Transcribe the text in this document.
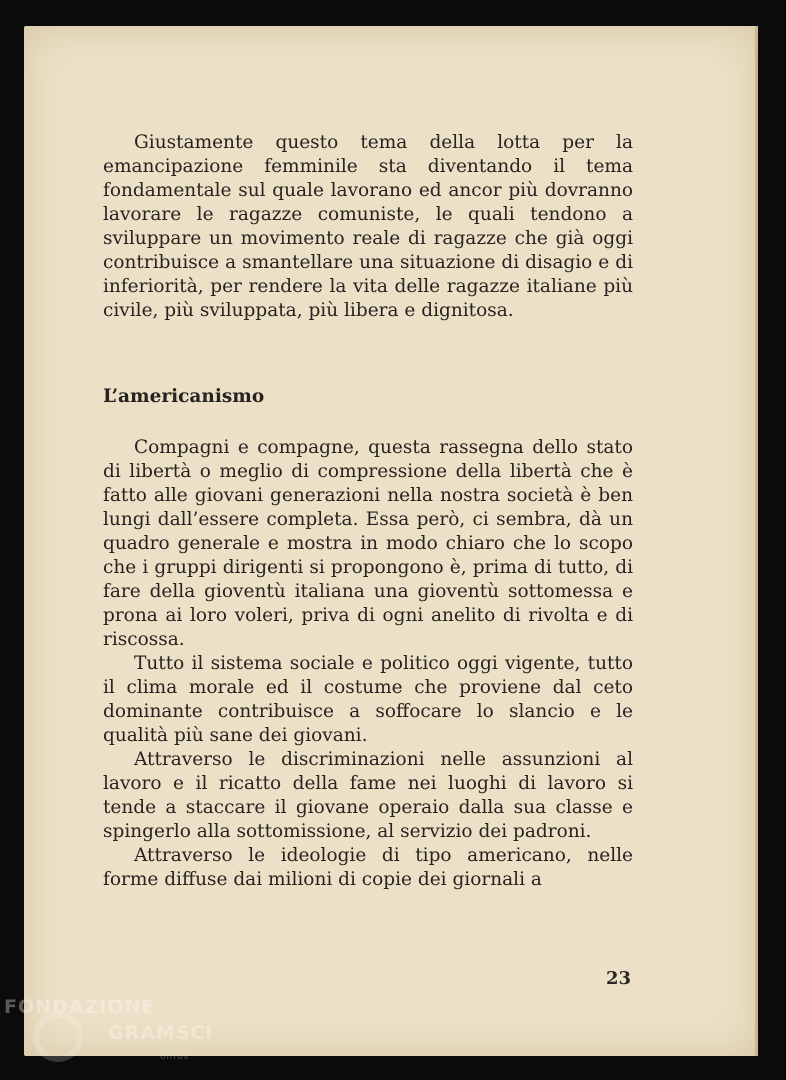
Giustamente questo tema della lotta per la emancipazione femminile sta diventando il tema fondamentale sul quale lavorano ed ancor più dovranno lavorare le ragazze comuniste, le quali tendono a sviluppare un movimento reale di ragazze che già oggi contribuisce a smantellare una situazione di disagio e di inferiorità, per rendere la vita delle ragazze italiane più civile, più sviluppata, più libera e dignitosa.

L’americanismo

Compagni e compagne, questa rassegna dello stato di libertà o meglio di compressione della libertà che è fatto alle giovani generazioni nella nostra società è ben lungi dall’essere completa. Essa però, ci sembra, dà un quadro generale e mostra in modo chiaro che lo scopo che i gruppi dirigenti si propongono è, prima di tutto, di fare della gioventù italiana una gioventù sottomessa e prona ai loro voleri, priva di ogni anelito di rivolta e di riscossa.

Tutto il sistema sociale e politico oggi vigente, tutto il clima morale ed il costume che proviene dal ceto dominante contribuisce a soffocare lo slancio e le qualità più sane dei giovani.

Attraverso le discriminazioni nelle assunzioni al lavoro e il ricatto della fame nei luoghi di lavoro si tende a staccare il giovane operaio dalla sua classe e spingerlo alla sottomissione, al servizio dei padroni.

Attraverso le ideologie di tipo americano, nelle forme diffuse dai milioni di copie dei giornali a

23
FONDAZIONE
GRAMSCI
onlus
